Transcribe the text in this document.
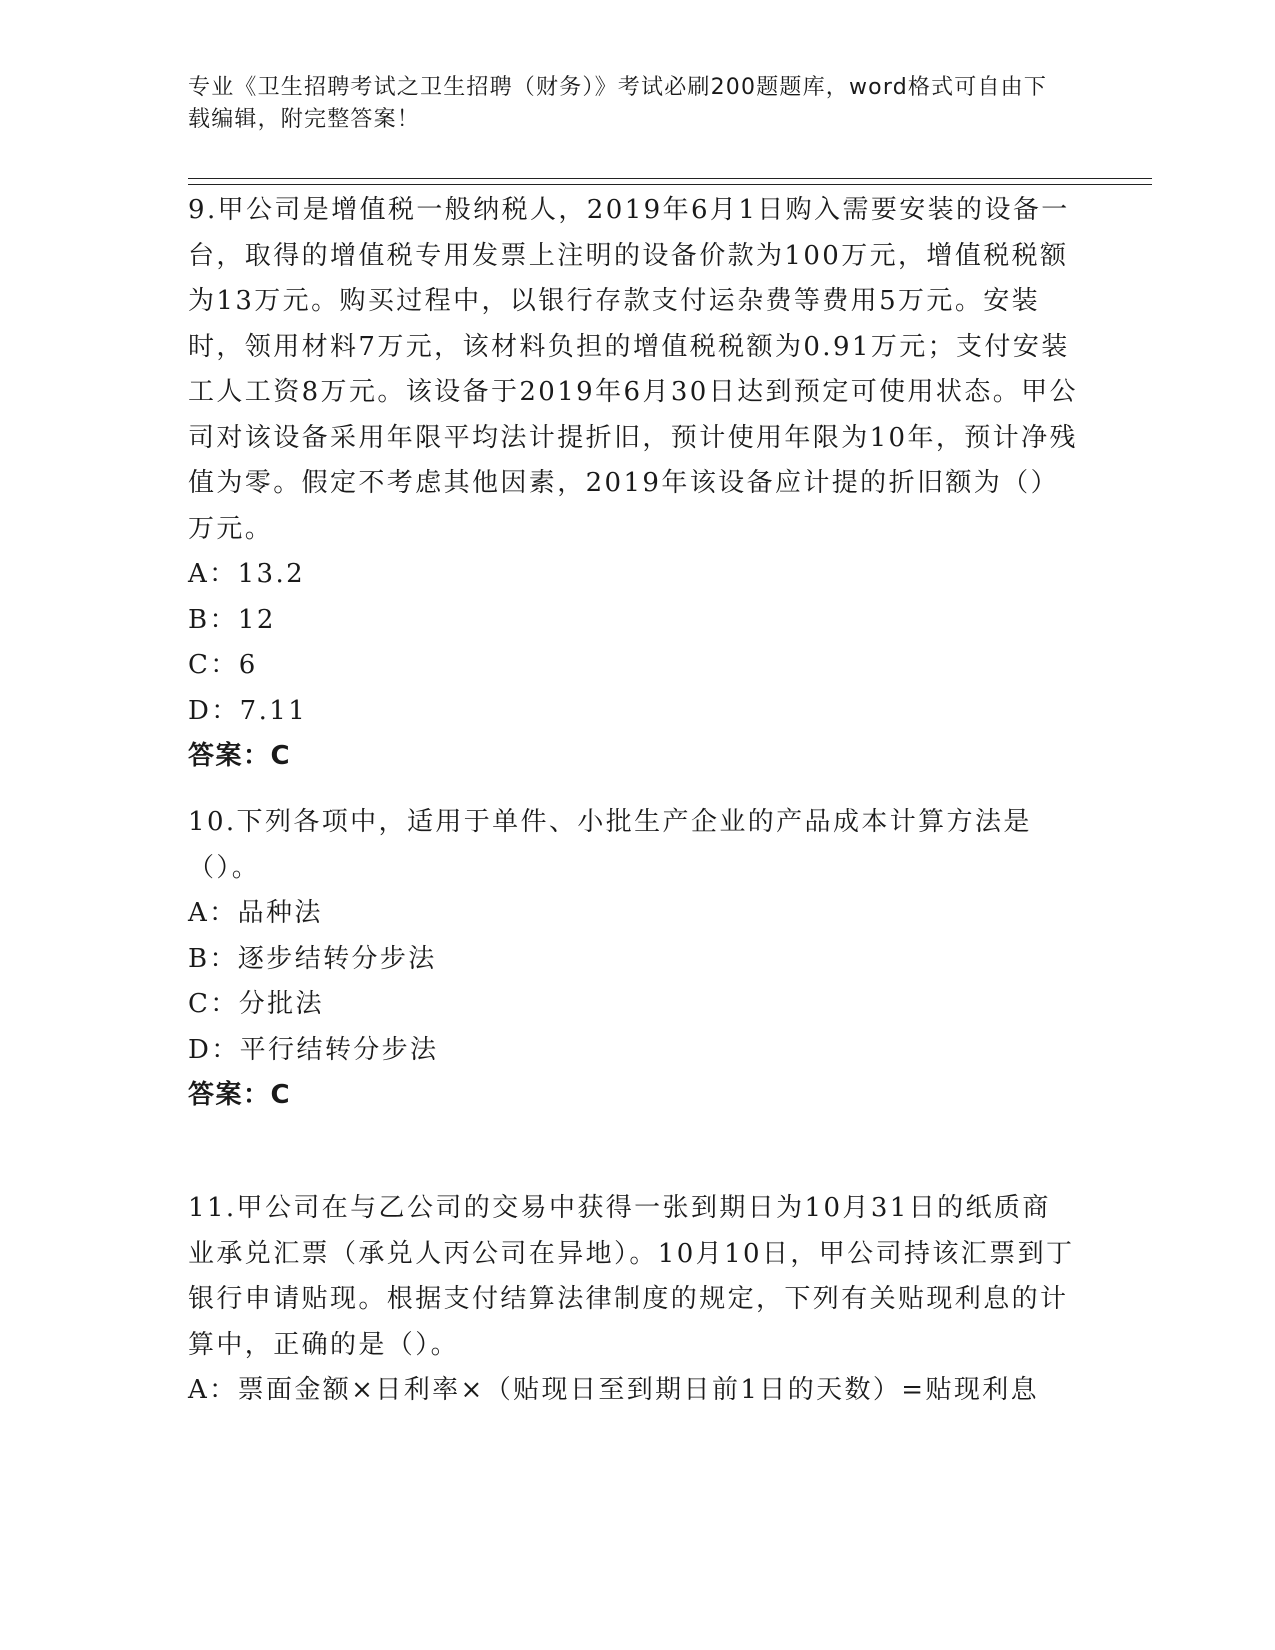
专业《卫生招聘考试之卫生招聘（财务）》考试必刷200题题库，word格式可自由下载编辑，附完整答案！

9.甲公司是增值税一般纳税人，2019年6月1日购入需要安装的设备一台，取得的增值税专用发票上注明的设备价款为100万元，增值税税额为13万元。购买过程中，以银行存款支付运杂费等费用5万元。安装时，领用材料7万元，该材料负担的增值税税额为0.91万元；支付安装工人工资8万元。该设备于2019年6月30日达到预定可使用状态。甲公司对该设备采用年限平均法计提折旧，预计使用年限为10年，预计净残值为零。假定不考虑其他因素，2019年该设备应计提的折旧额为（）万元。

A：13.2

B：12

C：6

D：7.11

答案：C

10.下列各项中，适用于单件、小批生产企业的产品成本计算方法是（）。

A：品种法

B：逐步结转分步法

C：分批法

D：平行结转分步法

答案：C

11.甲公司在与乙公司的交易中获得一张到期日为10月31日的纸质商业承兑汇票（承兑人丙公司在异地）。10月10日，甲公司持该汇票到丁银行申请贴现。根据支付结算法律制度的规定，下列有关贴现利息的计算中，正确的是（）。

A：票面金额×日利率×（贴现日至到期日前1日的天数）=贴现利息
